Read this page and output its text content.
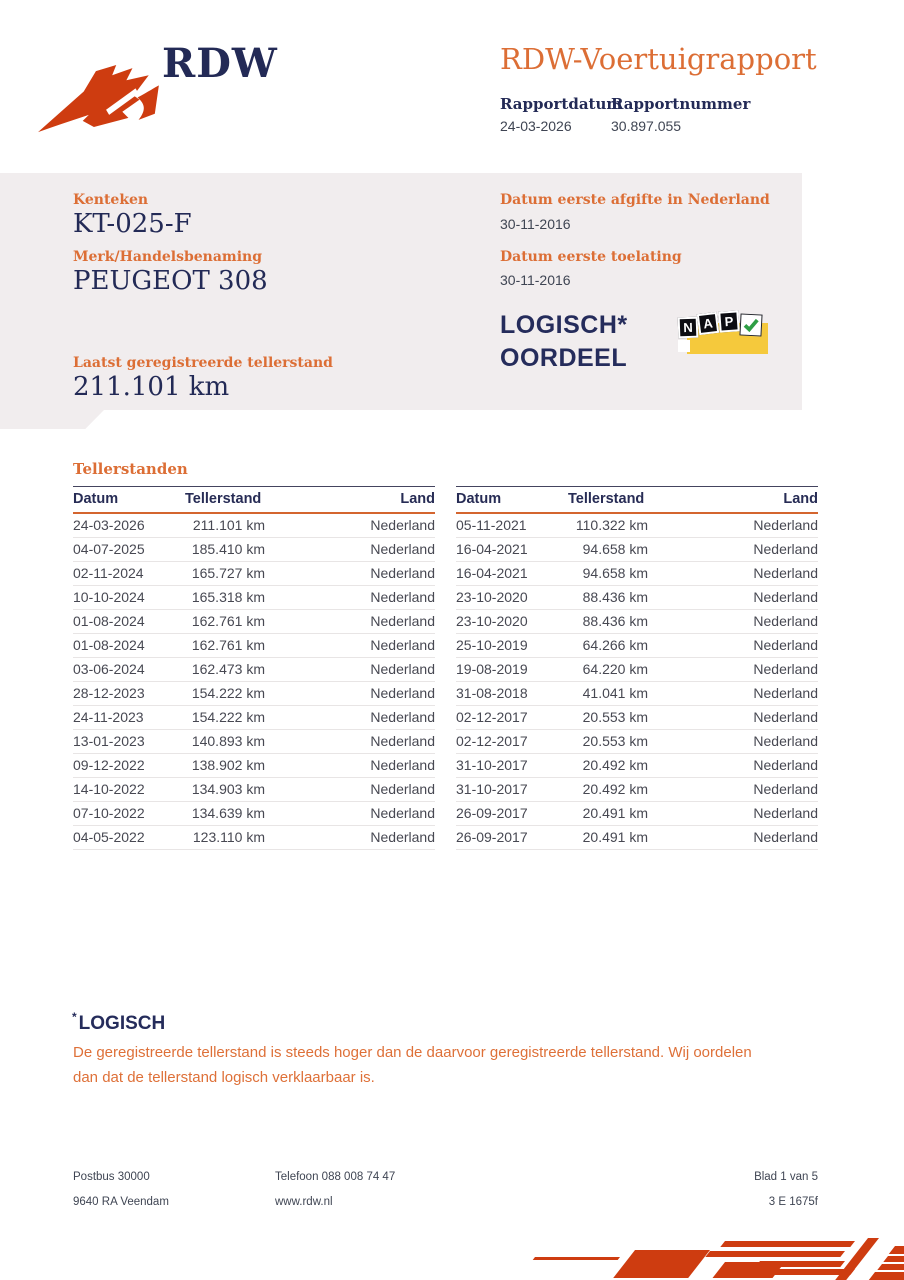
RDW	RDW-Voertuigrapport
Rapportdatum
Rapportnummer
24-03-2026	30.897.055
Kenteken
KT-025-F
Merk/Handelsbenaming
PEUGEOT 308
Laatst geregistreerde tellerstand
211.101 km
Datum eerste afgifte in Nederland
30-11-2016
Datum eerste toelating
30-11-2016
LOGISCH*
OORDEEL
N A P
Tellerstanden
Datum	Tellerstand	Land
24-03-2026	211.101 km	Nederland
04-07-2025	185.410 km	Nederland
02-11-2024	165.727 km	Nederland
10-10-2024	165.318 km	Nederland
01-08-2024	162.761 km	Nederland
01-08-2024	162.761 km	Nederland
03-06-2024	162.473 km	Nederland
28-12-2023	154.222 km	Nederland
24-11-2023	154.222 km	Nederland
13-01-2023	140.893 km	Nederland
09-12-2022	138.902 km	Nederland
14-10-2022	134.903 km	Nederland
07-10-2022	134.639 km	Nederland
04-05-2022	123.110 km	Nederland
Datum	Tellerstand	Land
05-11-2021	110.322 km	Nederland
16-04-2021	94.658 km	Nederland
16-04-2021	94.658 km	Nederland
23-10-2020	88.436 km	Nederland
23-10-2020	88.436 km	Nederland
25-10-2019	64.266 km	Nederland
19-08-2019	64.220 km	Nederland
31-08-2018	41.041 km	Nederland
02-12-2017	20.553 km	Nederland
02-12-2017	20.553 km	Nederland
31-10-2017	20.492 km	Nederland
31-10-2017	20.492 km	Nederland
26-09-2017	20.491 km	Nederland
26-09-2017	20.491 km	Nederland
* LOGISCH

De geregistreerde tellerstand is steeds hoger dan de daarvoor geregistreerde tellerstand. Wij oordelen dan dat de tellerstand logisch verklaarbaar is.

Postbus 30000
9640 RA Veendam
Telefoon 088 008 74 47
www.rdw.nl
Blad 1 van 5
3 E 1675f
